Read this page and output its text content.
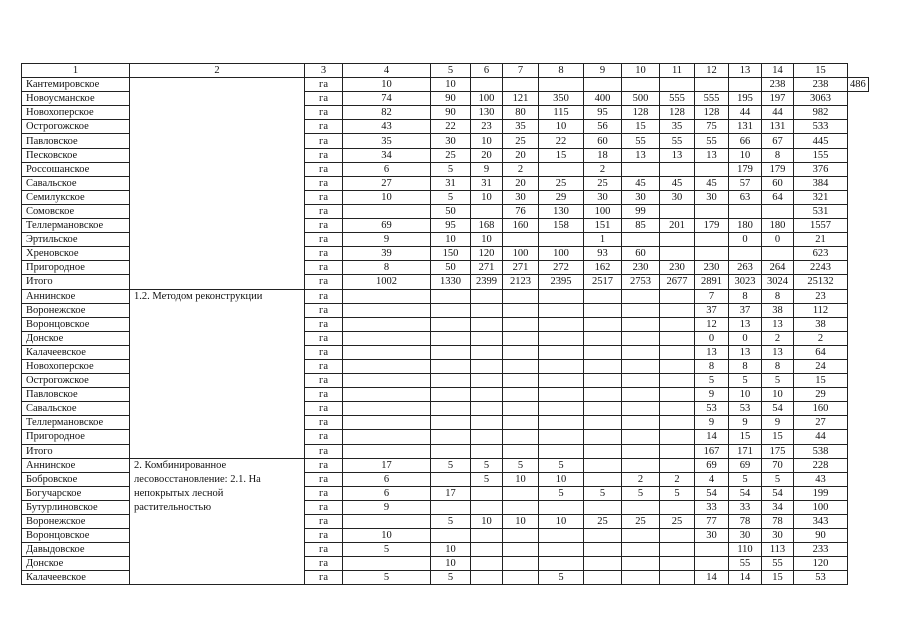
1	2	3	4	5	6	7	8	9	10	11	12	13	14	15	
Кантемировское		га	10	10									238	238	486
Новоусманское		га	74	90	100	121	350	400	500	555	555	195	197	3063	
Новохоперское		га	82	90	130	80	115	95	128	128	128	44	44	982	
Острогожское		га	43	22	23	35	10	56	15	35	75	131	131	533	
Павловское		га	35	30	10	25	22	60	55	55	55	66	67	445	
Песковское		га	34	25	20	20	15	18	13	13	13	10	8	155	
Россошанское		га	6	5	9	2		2				179	179	376	
Савальское		га	27	31	31	20	25	25	45	45	45	57	60	384	
Семилукское		га	10	5	10	30	29	30	30	30	30	63	64	321	
Сомовское		га		50		76	130	100	99					531	
Теллермановское		га	69	95	168	160	158	151	85	201	179	180	180	1557	
Эртильское		га	9	10	10			1				0	0	21	
Хреновское		га	39	150	120	100	100	93	60					623	
Пригородное		га	8	50	271	271	272	162	230	230	230	263	264	2243	
Итого		га	1002	1330	2399	2123	2395	2517	2753	2677	2891	3023	3024	25132	
Аннинское	1.2. Методом реконструкции	га									7	8	8	23	
Воронежское		га									37	37	38	112	
Воронцовское		га									12	13	13	38	
Донское		га									0	0	2	2	
Калачеевское		га									13	13	13	64	
Новохоперское		га									8	8	8	24	
Острогожское		га									5	5	5	15	
Павловское		га									9	10	10	29	
Савальское		га									53	53	54	160	
Теллермановское		га									9	9	9	27	
Пригородное		га									14	15	15	44	
Итого		га									167	171	175	538	
Аннинское	2. Комбинированное лесовосстановление: 2.1. На непокрытых лесной растительностью	га	17	5	5	5	5				69	69	70	228	
Бобровское		га	6		5	10	10		2	2	4	5	5	43	
Богучарское		га	6	17			5	5	5	5	54	54	54	199	
Бутурлиновское		га	9								33	33	34	100	
Воронежское		га		5	10	10	10	25	25	25	77	78	78	343	
Воронцовское		га	10								30	30	30	90	
Давыдовское		га	5	10								110	113	233	
Донское		га		10								55	55	120	
Калачеевское		га	5	5			5				14	14	15	53	
